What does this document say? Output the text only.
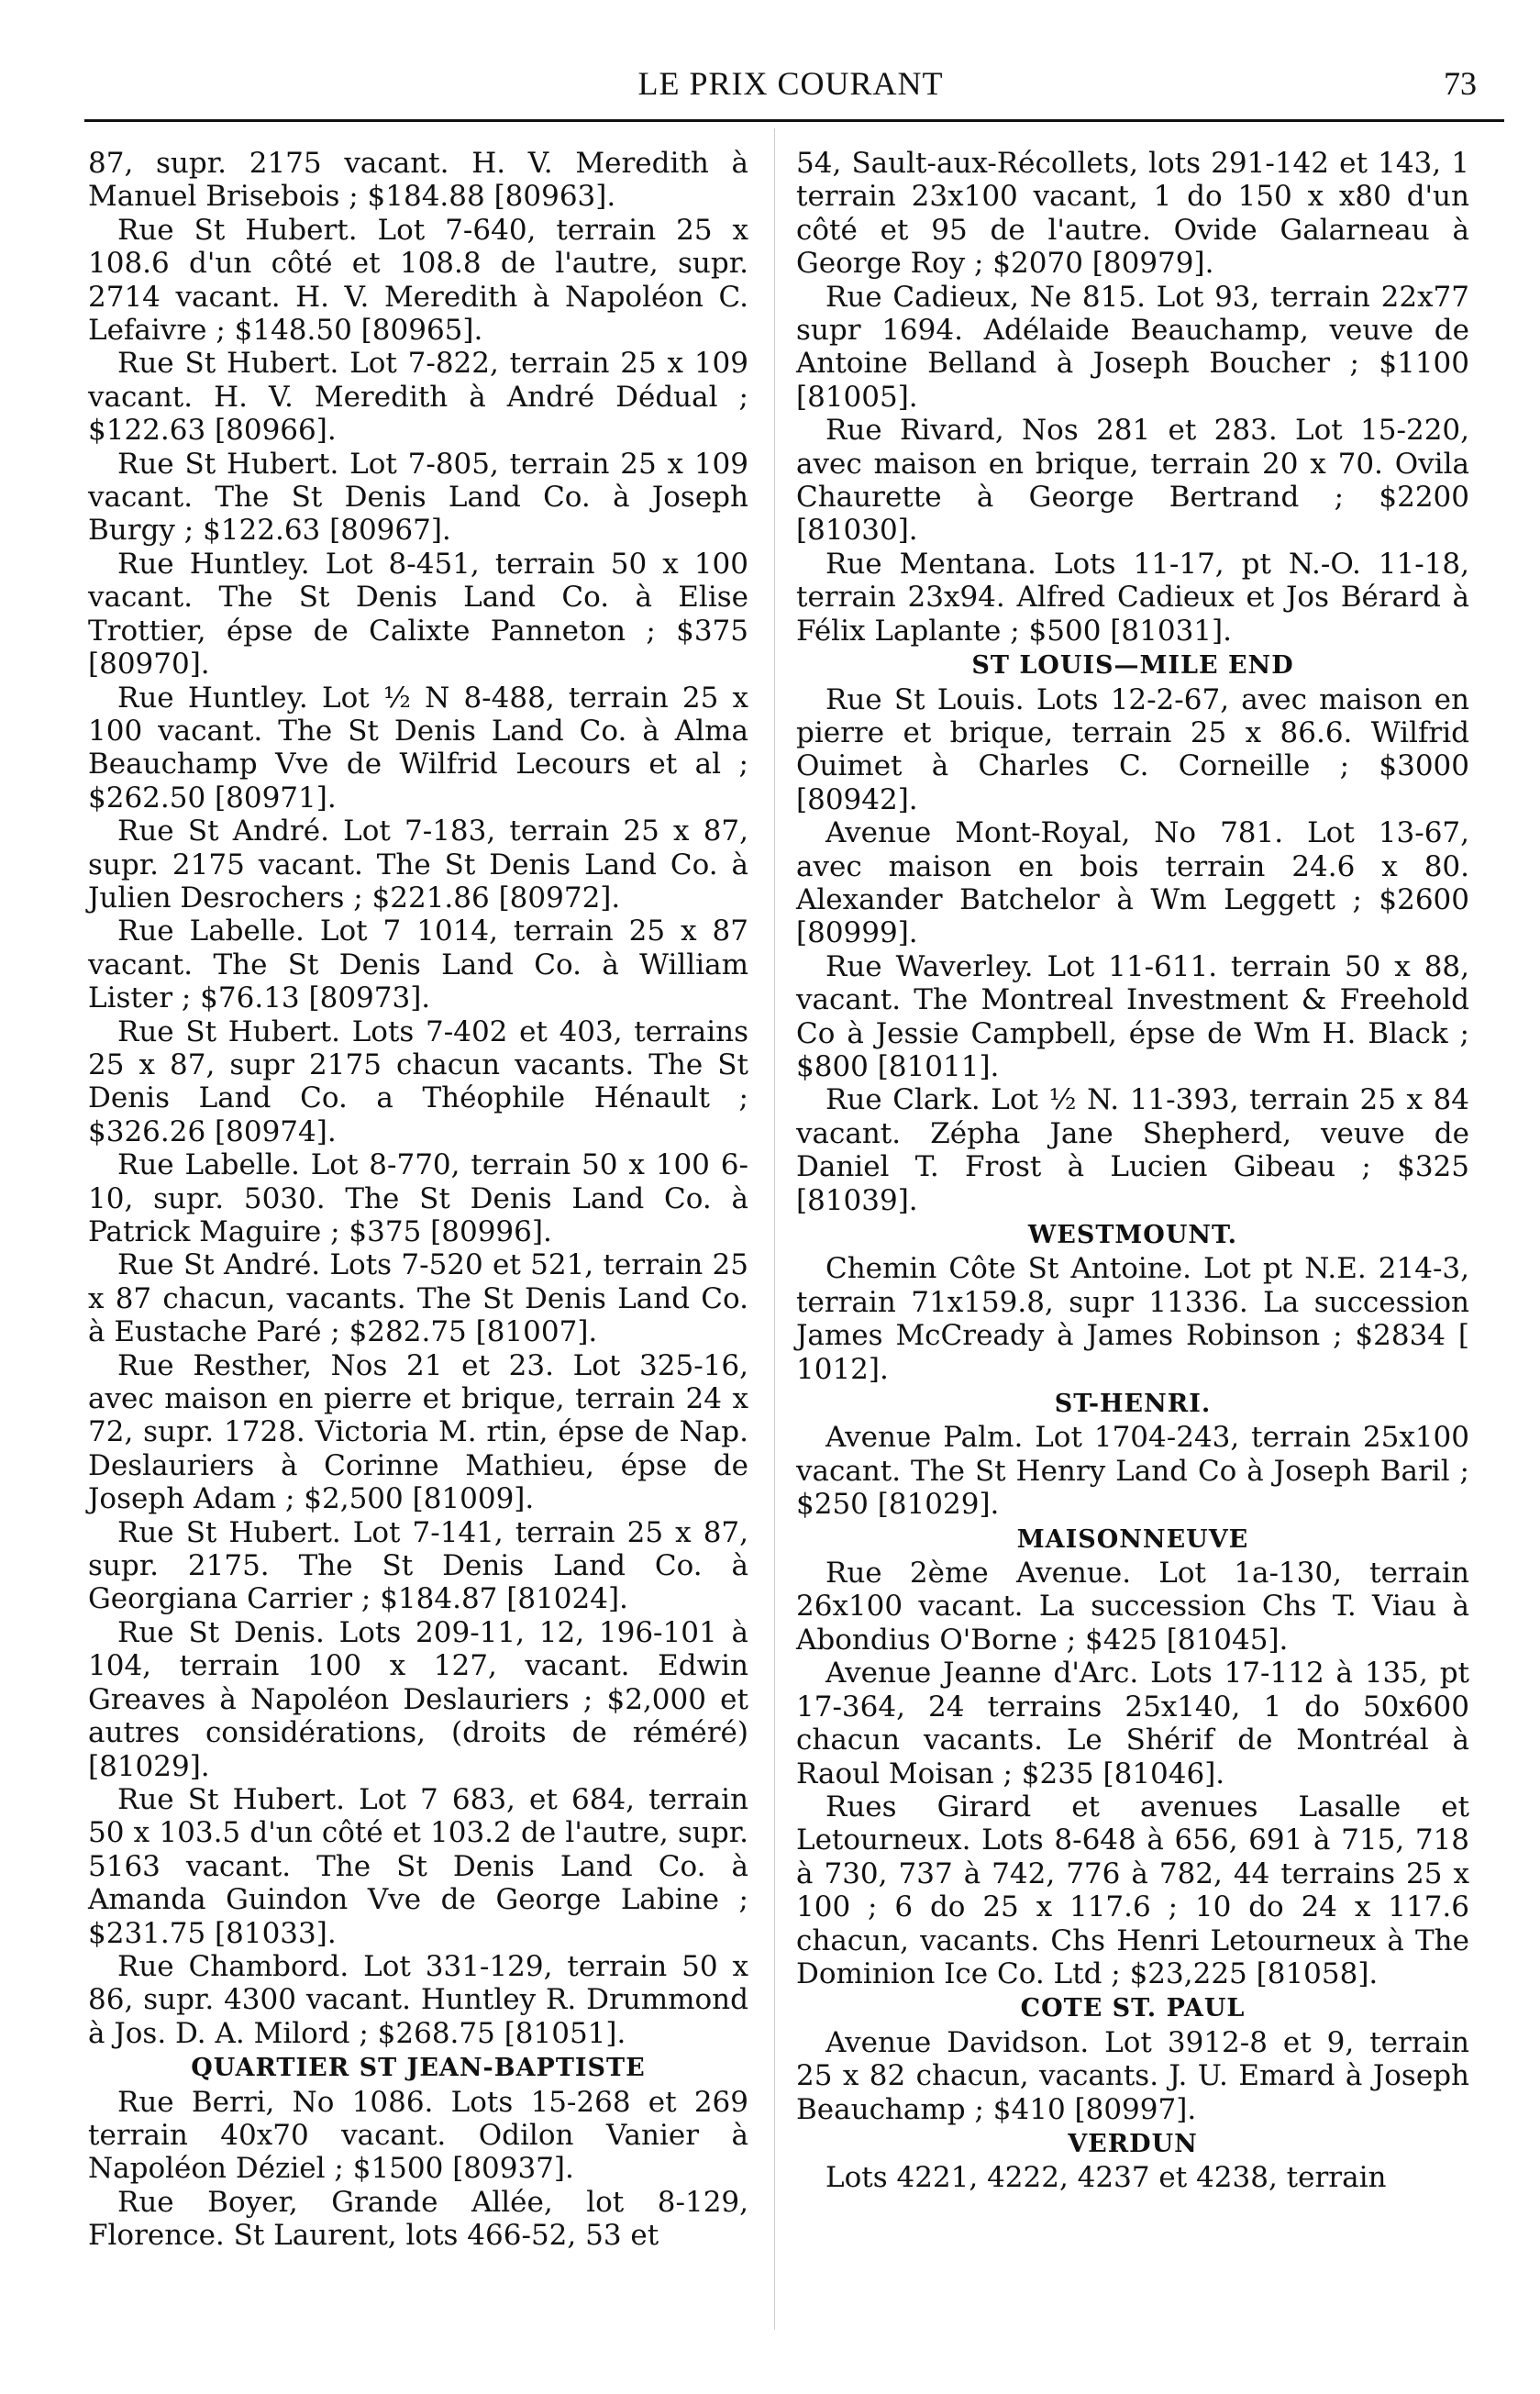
LE PRIX COURANT	73

87, supr. 2175 vacant. H. V. Meredith à Manuel Brisebois ; $184.88 [80963].

Rue St Hubert. Lot 7-640, terrain 25 x 108.6 d'un côté et 108.8 de l'autre, supr. 2714 vacant. H. V. Meredith à Napoléon C. Lefaivre ; $148.50 [80965].

Rue St Hubert. Lot 7-822, terrain 25 x 109 vacant. H. V. Meredith à André Dédual ; $122.63 [80966].

Rue St Hubert. Lot 7-805, terrain 25 x 109 vacant. The St Denis Land Co. à Joseph Burgy ; $122.63 [80967].

Rue Huntley. Lot 8-451, terrain 50 x 100 vacant. The St Denis Land Co. à Elise Trottier, épse de Calixte Panneton ; $375 [80970].

Rue Huntley. Lot ½ N 8-488, terrain 25 x 100 vacant. The St Denis Land Co. à Alma Beauchamp Vve de Wilfrid Lecours et al ; $262.50 [80971].

Rue St André. Lot 7-183, terrain 25 x 87, supr. 2175 vacant. The St Denis Land Co. à Julien Desrochers ; $221.86 [80972].

Rue Labelle. Lot 7 1014, terrain 25 x 87 vacant. The St Denis Land Co. à William Lister ; $76.13 [80973].

Rue St Hubert. Lots 7-402 et 403, terrains 25 x 87, supr 2175 chacun vacants. The St Denis Land Co. a Théophile Hénault ; $326.26 [80974].

Rue Labelle. Lot 8-770, terrain 50 x 100 6-10, supr. 5030. The St Denis Land Co. à Patrick Maguire ; $375 [80996].

Rue St André. Lots 7-520 et 521, terrain 25 x 87 chacun, vacants. The St Denis Land Co. à Eustache Paré ; $282.75 [81007].

Rue Resther, Nos 21 et 23. Lot 325-16, avec maison en pierre et brique, terrain 24 x 72, supr. 1728. Victoria M. rtin, épse de Nap. Deslauriers à Corinne Mathieu, épse de Joseph Adam ; $2,500 [81009].

Rue St Hubert. Lot 7-141, terrain 25 x 87, supr. 2175. The St Denis Land Co. à Georgiana Carrier ; $184.87 [81024].

Rue St Denis. Lots 209-11, 12, 196-101 à 104, terrain 100 x 127, vacant. Edwin Greaves à Napoléon Deslauriers ; $2,000 et autres considérations, (droits de réméré) [81029].

Rue St Hubert. Lot 7 683, et 684, terrain 50 x 103.5 d'un côté et 103.2 de l'autre, supr. 5163 vacant. The St Denis Land Co. à Amanda Guindon Vve de George Labine ; $231.75 [81033].

Rue Chambord. Lot 331-129, terrain 50 x 86, supr. 4300 vacant. Huntley R. Drummond à Jos. D. A. Milord ; $268.75 [81051].

QUARTIER ST JEAN-BAPTISTE

Rue Berri, No 1086. Lots 15-268 et 269 terrain 40x70 vacant. Odilon Vanier à Napoléon Déziel ; $1500 [80937].

Rue Boyer, Grande Allée, lot 8-129, Florence. St Laurent, lots 466-52, 53 et

54, Sault-aux-Récollets, lots 291-142 et 143, 1 terrain 23x100 vacant, 1 do 150 x x80 d'un côté et 95 de l'autre. Ovide Galarneau à George Roy ; $2070 [80979].

Rue Cadieux, Ne 815. Lot 93, terrain 22x77 supr 1694. Adélaide Beauchamp, veuve de Antoine Belland à Joseph Boucher ; $1100 [81005].

Rue Rivard, Nos 281 et 283. Lot 15-220, avec maison en brique, terrain 20 x 70. Ovila Chaurette à George Bertrand ; $2200 [81030].

Rue Mentana. Lots 11-17, pt N.-O. 11-18, terrain 23x94. Alfred Cadieux et Jos Bérard à Félix Laplante ; $500 [81031].

ST LOUIS—MILE END

Rue St Louis. Lots 12-2-67, avec maison en pierre et brique, terrain 25 x 86.6. Wilfrid Ouimet à Charles C. Corneille ; $3000 [80942].

Avenue Mont-Royal, No 781. Lot 13-67, avec maison en bois terrain 24.6 x 80. Alexander Batchelor à Wm Leggett ; $2600 [80999].

Rue Waverley. Lot 11-611. terrain 50 x 88, vacant. The Montreal Investment & Freehold Co à Jessie Campbell, épse de Wm H. Black ; $800 [81011].

Rue Clark. Lot ½ N. 11-393, terrain 25 x 84 vacant. Zépha Jane Shepherd, veuve de Daniel T. Frost à Lucien Gibeau ; $325 [81039].

WESTMOUNT.

Chemin Côte St Antoine. Lot pt N.E. 214-3, terrain 71x159.8, supr 11336. La succession James McCready à James Robinson ; $2834 [ 1012].

ST-HENRI.

Avenue Palm. Lot 1704-243, terrain 25x100 vacant. The St Henry Land Co à Joseph Baril ; $250 [81029].

MAISONNEUVE

Rue 2ème Avenue. Lot 1a-130, terrain 26x100 vacant. La succession Chs T. Viau à Abondius O'Borne ; $425 [81045].

Avenue Jeanne d'Arc. Lots 17-112 à 135, pt 17-364, 24 terrains 25x140, 1 do 50x600 chacun vacants. Le Shérif de Montréal à Raoul Moisan ; $235 [81046].

Rues Girard et avenues Lasalle et Letourneux. Lots 8-648 à 656, 691 à 715, 718 à 730, 737 à 742, 776 à 782, 44 terrains 25 x 100 ; 6 do 25 x 117.6 ; 10 do 24 x 117.6 chacun, vacants. Chs Henri Letourneux à The Dominion Ice Co. Ltd ; $23,225 [81058].

COTE ST. PAUL

Avenue Davidson. Lot 3912-8 et 9, terrain 25 x 82 chacun, vacants. J. U. Emard à Joseph Beauchamp ; $410 [80997].

VERDUN

Lots 4221, 4222, 4237 et 4238, terrain
